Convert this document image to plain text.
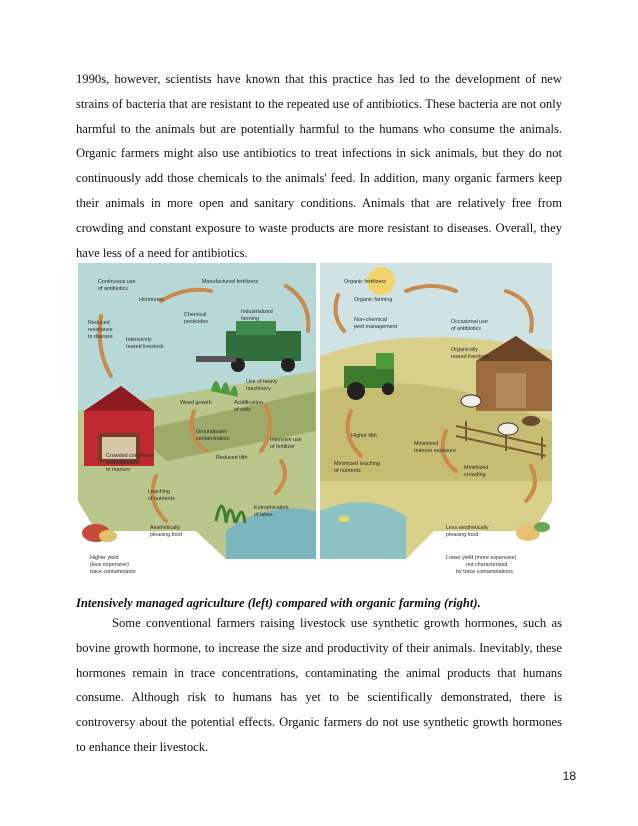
1990s, however, scientists have known that this practice has led to the development of new strains of bacteria that are resistant to the repeated use of antibiotics. These bacteria are not only harmful to the animals but are potentially harmful to the humans who consume the animals. Organic farmers might also use antibiotics to treat infections in sick animals, but they do not continuously add those chemicals to the animals' feed. In addition, many organic farmers keep their animals in more open and sanitary conditions. Animals that are relatively free from crowding and constant exposure to waste products are more resistant to diseases. Overall, they have less of a need for antibiotics.

Continuous use
of antibiotics
Hormones
Manufactured fertilizers
Reduced
resistance
to disease Intensively
reared livestock
Chemical
pesticides
Industrialized
farming
Use of heavy
machinery
Weed growth	Acidification
of soils
Groundwater
contamination	Intensive use
of fertilizer
Crowded conditions
and exposure
to manure
Reduced tilth
Leaching
of nutrients
Eutrophication
of lakes
Aesthetically
pleasing food
Higher yield
(less expensive)
trace contaminants
Organic fertilizers
Organic farming
Non-chemical
pest management
Occasional use
of antibiotics
Organically
reared livestock
Higher tilth
Minimized
manure exposure
Minimized leaching
of nutrients	Minimized
crowding
Less aesthetically
pleasing food
Lower yield (more expensive)
not characterized
by trace contaminations

Intensively managed agriculture (left) compared with organic farming (right).

Some conventional farmers raising livestock use synthetic growth hormones, such as bovine growth hormone, to increase the size and productivity of their animals. Inevitably, these hormones remain in trace concentrations, contaminating the animal products that humans consume. Although risk to humans has yet to be scientifically demonstrated, there is controversy about the potential effects. Organic farmers do not use synthetic growth hormones to enhance their livestock.

18
